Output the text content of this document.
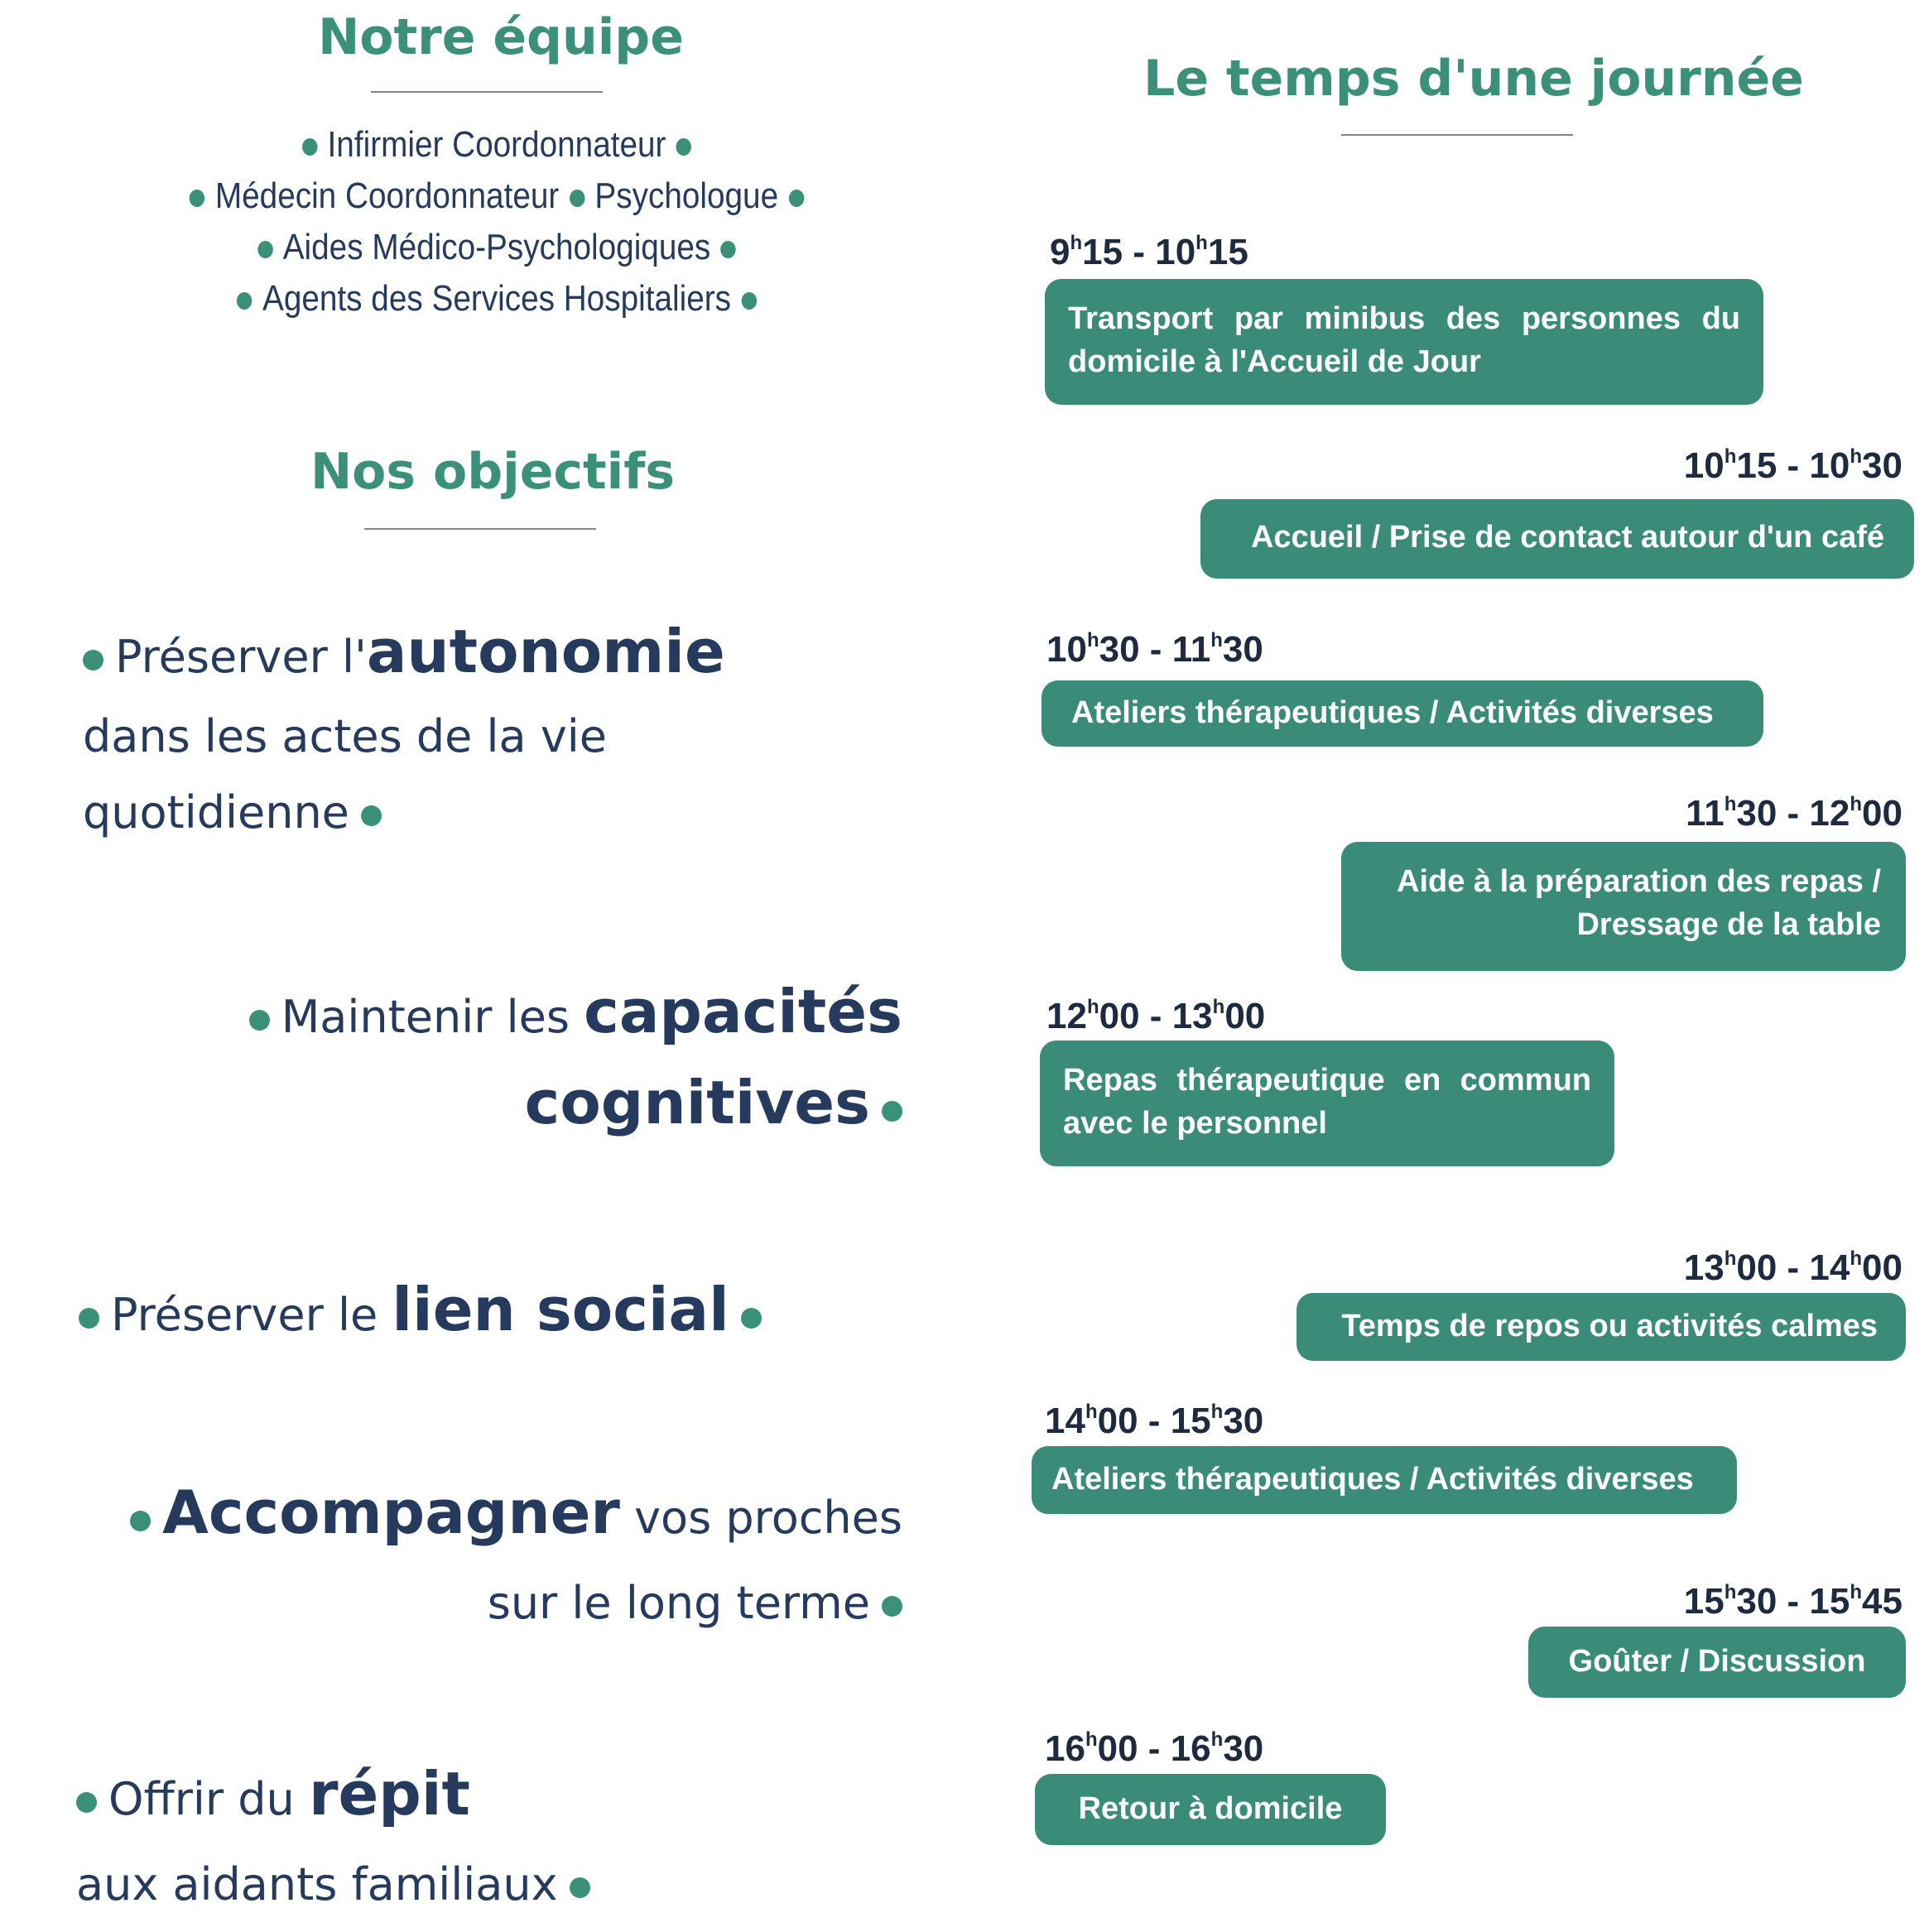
Notre équipe
Infirmier Coordonnateur
Médecin Coordonnateur Psychologue
Aides Médico-Psychologiques
Agents des Services Hospitaliers
Nos objectifs
Préserver l'autonomie
dans les actes de la vie
quotidienne
Maintenir les capacités
cognitives
Préserver le lien social
Accompagner vos proches
sur le long terme
Offrir du répit
aux aidants familiaux
Le temps d'une journée
9$^h$15 - 10$^h$15
Transport par minibus des personnes du
domicile à l'Accueil de Jour
10$^h$15 - 10$^h$30
Accueil / Prise de contact autour d'un café
10$^h$30 - 11$^h$30
Ateliers thérapeutiques / Activités diverses
11$^h$30 - 12$^h$00
Aide à la préparation des repas /
Dressage de la table
12$^h$00 - 13$^h$00
Repas thérapeutique en commun
avec le personnel
13$^h$00 - 14$^h$00
Temps de repos ou activités calmes
14$^h$00 - 15$^h$30
Ateliers thérapeutiques / Activités diverses
15$^h$30 - 15$^h$45
Goûter / Discussion
16$^h$00 - 16$^h$30
Retour à domicile
